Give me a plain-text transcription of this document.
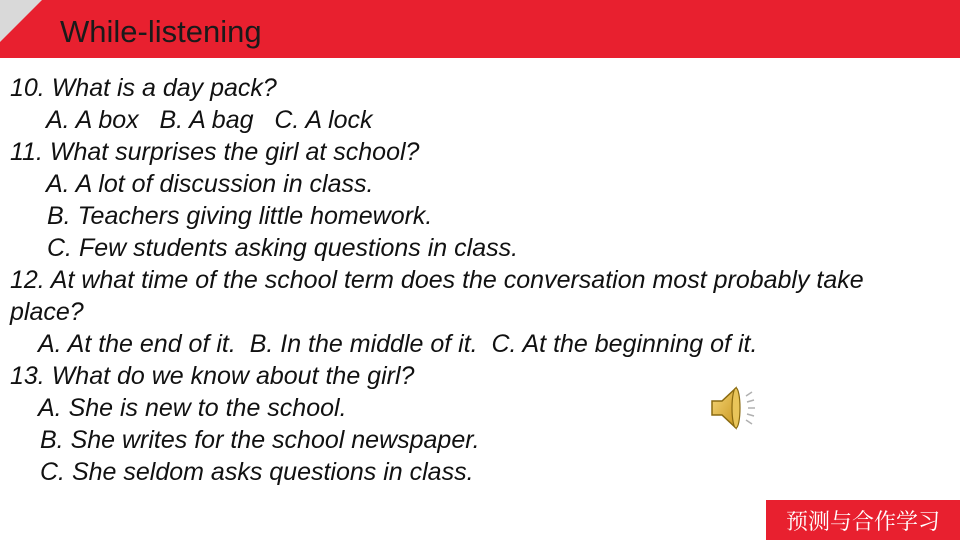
While-listening
10. What is a day pack?
A. A box   B. A bag   C. A lock
11. What surprises the girl at school?
A. A lot of discussion in class.
B. Teachers giving little homework.
C. Few students asking questions in class.
12. At what time of the school term does the conversation most probably take place?
A. At the end of it.  B. In the middle of it.  C. At the beginning of it.
13. What do we know about the girl?
A. She is new to the school.
B. She writes for the school newspaper.
C. She seldom asks questions in class.
预测与合作学习
